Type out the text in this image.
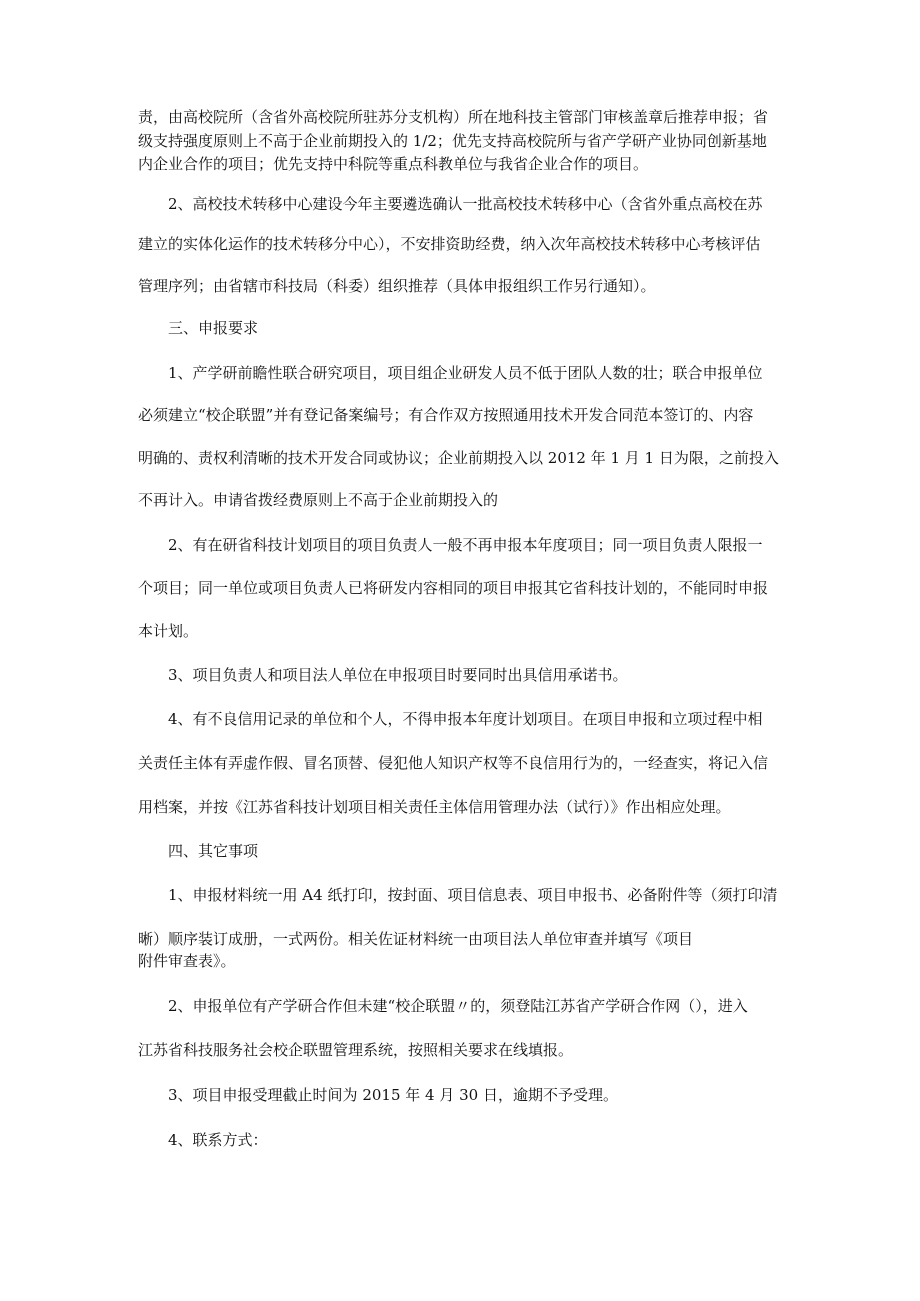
责，由高校院所（含省外高校院所驻苏分支机构）所在地科技主管部门审核盖章后推荐申报；省
级支持强度原则上不高于企业前期投入的 1/2；优先支持高校院所与省产学研产业协同创新基地
内企业合作的项目；优先支持中科院等重点科教单位与我省企业合作的项目。
2、高校技术转移中心建设今年主要遴选确认一批高校技术转移中心（含省外重点高校在苏
建立的实体化运作的技术转移分中心），不安排资助经费，纳入次年高校技术转移中心考核评估
管理序列；由省辖市科技局（科委）组织推荐（具体申报组织工作另行通知）。
三、申报要求
1、产学研前瞻性联合研究项目，项目组企业研发人员不低于团队人数的壮；联合申报单位
必须建立“校企联盟”并有登记备案编号；有合作双方按照通用技术开发合同范本签订的、内容
明确的、责权利清晰的技术开发合同或协议；企业前期投入以 2012 年 1 月 1 日为限，之前投入
不再计入。申请省拨经费原则上不高于企业前期投入的
2、有在研省科技计划项目的项目负责人一般不再申报本年度项目；同一项目负责人限报一
个项目；同一单位或项目负责人已将研发内容相同的项目申报其它省科技计划的，不能同时申报
本计划。
3、项目负责人和项目法人单位在申报项目时要同时出具信用承诺书。
4、有不良信用记录的单位和个人，不得申报本年度计划项目。在项目申报和立项过程中相
关责任主体有弄虚作假、冒名顶替、侵犯他人知识产权等不良信用行为的，一经查实，将记入信
用档案，并按《江苏省科技计划项目相关责任主体信用管理办法（试行）》作出相应处理。
四、其它事项
1、申报材料统一用 A4 纸打印，按封面、项目信息表、项目申报书、必备附件等（须打印清
晰）顺序装订成册，一式两份。相关佐证材料统一由项目法人单位审查并填写《项目
附件审查表》。
2、申报单位有产学研合作但未建“校企联盟〃的，须登陆江苏省产学研合作网（），进入
江苏省科技服务社会校企联盟管理系统，按照相关要求在线填报。
3、项目申报受理截止时间为 2015 年 4 月 30 日，逾期不予受理。
4、联系方式：
